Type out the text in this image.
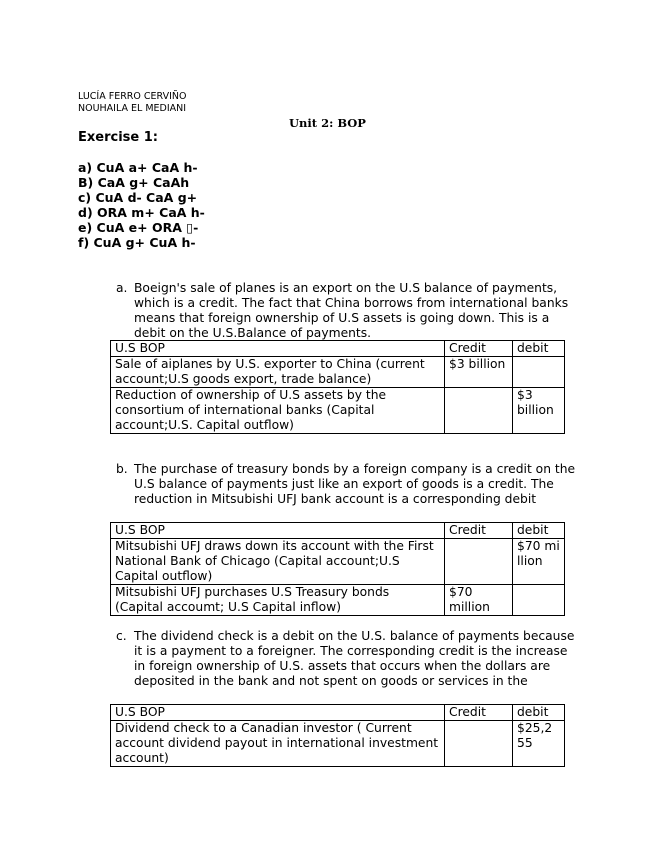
LUCÍA FERRO CERVIÑO
NOUHAILA EL MEDIANI
Unit 2: BOP
Exercise 1:
a) CuA a+ CaA h-
B) CaA g+ CaAh
c) CuA d- CaA g+
d) ORA m+ CaA h-
e) CuA e+ ORA ▯-
f) CuA g+ CuA h-
a. Boeign's sale of planes is an export on the U.S balance of payments, which is a credit. The fact that China borrows from international banks means that foreign ownership of U.S assets is going down. This is a debit on the U.S.Balance of payments.
U.S BOP	Credit	debit
Sale of aiplanes by U.S. exporter to China (current account;U.S goods export, trade balance)	$3 billion	
Reduction of ownership of U.S assets by the consortium of international banks (Capital account;U.S. Capital outflow)		$3 billion
b. The purchase of treasury bonds by a foreign company is a credit on the U.S balance of payments just like an export of goods is a credit. The reduction in Mitsubishi UFJ bank account is a corresponding debit
U.S BOP	Credit	debit
Mitsubishi UFJ draws down its account with the First National Bank of Chicago (Capital account;U.S Capital outflow)		$70 million
Mitsubishi UFJ purchases U.S Treasury bonds (Capital accoumt; U.S Capital inflow)	$70 million	
c. The dividend check is a debit on the U.S. balance of payments because it is a payment to a foreigner. The corresponding credit is the increase in foreign ownership of U.S. assets that occurs when the dollars are deposited in the bank and not spent on goods or services in the
U.S BOP	Credit	debit
Dividend check to a Canadian investor ( Current account dividend payout in international investment account)		$25,255
